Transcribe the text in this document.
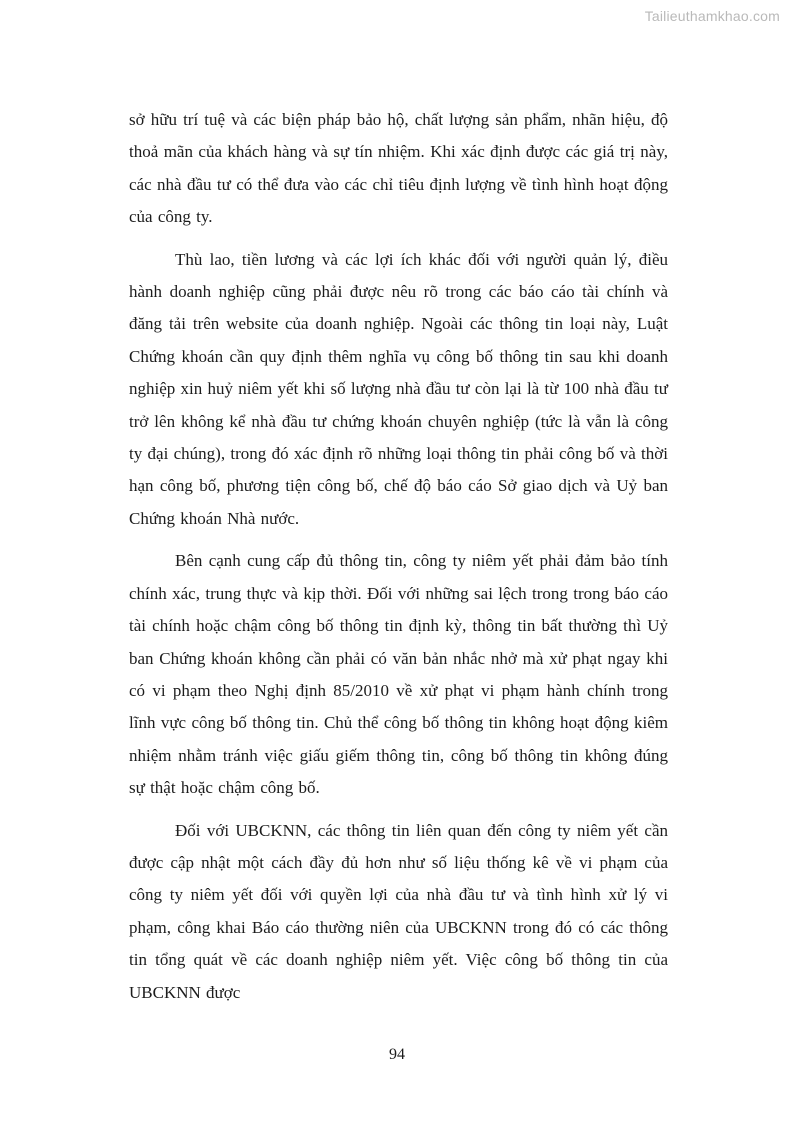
Tailieuthamkhao.com

sở hữu trí tuệ và các biện pháp bảo hộ, chất lượng sản phẩm, nhãn hiệu, độ thoả mãn của khách hàng và sự tín nhiệm. Khi xác định được các giá trị này, các nhà đầu tư có thể đưa vào các chỉ tiêu định lượng về tình hình hoạt động của công ty.

Thù lao, tiền lương và các lợi ích khác đối với người quản lý, điều hành doanh nghiệp cũng phải được nêu rõ trong các báo cáo tài chính và đăng tải trên website của doanh nghiệp. Ngoài các thông tin loại này, Luật Chứng khoán cần quy định thêm nghĩa vụ công bố thông tin sau khi doanh nghiệp xin huỷ niêm yết khi số lượng nhà đầu tư còn lại là từ 100 nhà đầu tư trở lên không kể nhà đầu tư chứng khoán chuyên nghiệp (tức là vẫn là công ty đại chúng), trong đó xác định rõ những loại thông tin phải công bố và thời hạn công bố, phương tiện công bố, chế độ báo cáo Sở giao dịch và Uỷ ban Chứng khoán Nhà nước.

Bên cạnh cung cấp đủ thông tin, công ty niêm yết phải đảm bảo tính chính xác, trung thực và kịp thời. Đối với những sai lệch trong trong báo cáo tài chính hoặc chậm công bố thông tin định kỳ, thông tin bất thường thì Uỷ ban Chứng khoán không cần phải có văn bản nhắc nhở mà xử phạt ngay khi có vi phạm theo Nghị định 85/2010 về xử phạt vi phạm hành chính trong lĩnh vực công bố thông tin. Chủ thể công bố thông tin không hoạt động kiêm nhiệm nhằm tránh việc giấu giếm thông tin, công bố thông tin không đúng sự thật hoặc chậm công bố.

Đối với UBCKNN, các thông tin liên quan đến công ty niêm yết cần được cập nhật một cách đầy đủ hơn như số liệu thống kê về vi phạm của công ty niêm yết đối với quyền lợi của nhà đầu tư và tình hình xử lý vi phạm, công khai Báo cáo thường niên của UBCKNN trong đó có các thông tin tổng quát về các doanh nghiệp niêm yết. Việc công bố thông tin của UBCKNN được

94
